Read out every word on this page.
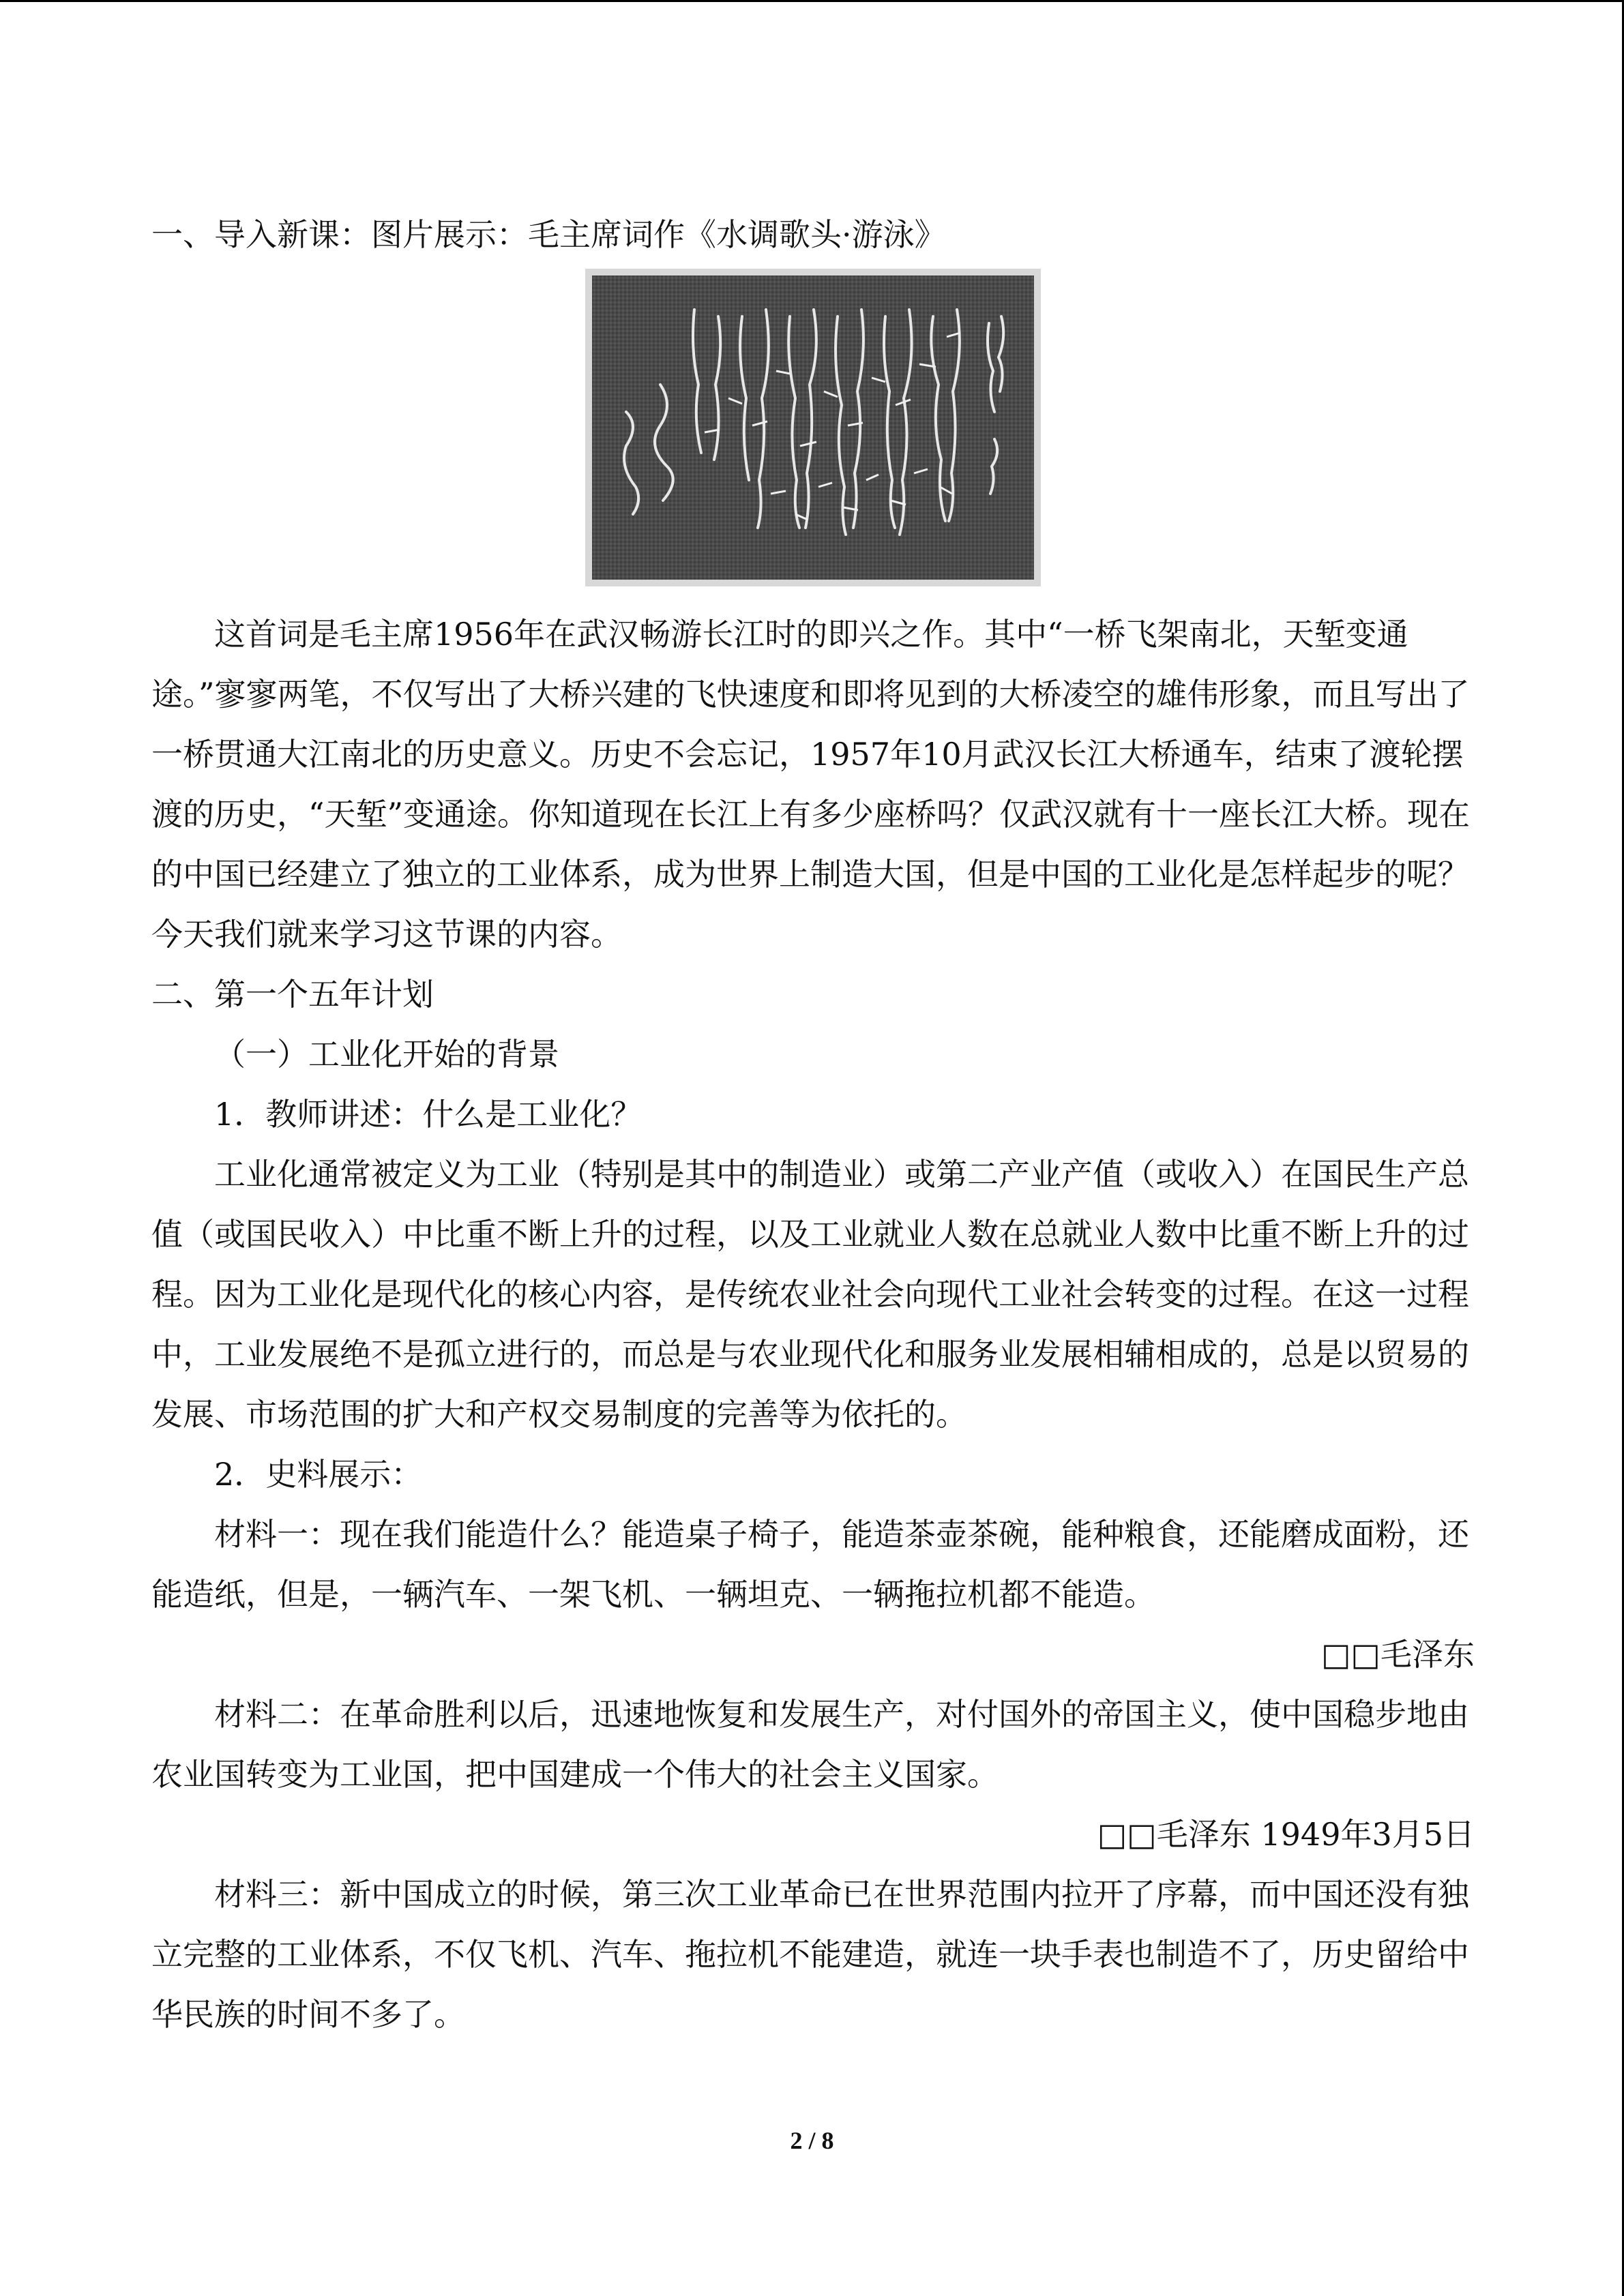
一、导入新课：图片展示：毛主席词作《水调歌头·游泳》

这首词是毛主席1956年在武汉畅游长江时的即兴之作。其中“一桥飞架南北，天堑变通途。”寥寥两笔，不仅写出了大桥兴建的飞快速度和即将见到的大桥凌空的雄伟形象，而且写出了一桥贯通大江南北的历史意义。历史不会忘记，1957年10月武汉长江大桥通车，结束了渡轮摆渡的历史，“天堑”变通途。你知道现在长江上有多少座桥吗？仅武汉就有十一座长江大桥。现在的中国已经建立了独立的工业体系，成为世界上制造大国，但是中国的工业化是怎样起步的呢？今天我们就来学习这节课的内容。

二、第一个五年计划

（一）工业化开始的背景

1．教师讲述：什么是工业化？

工业化通常被定义为工业（特别是其中的制造业）或第二产业产值（或收入）在国民生产总值（或国民收入）中比重不断上升的过程，以及工业就业人数在总就业人数中比重不断上升的过程。因为工业化是现代化的核心内容，是传统农业社会向现代工业社会转变的过程。在这一过程中，工业发展绝不是孤立进行的，而总是与农业现代化和服务业发展相辅相成的，总是以贸易的发展、市场范围的扩大和产权交易制度的完善等为依托的。

2．史料展示：

材料一：现在我们能造什么？能造桌子椅子，能造茶壶茶碗，能种粮食，还能磨成面粉，还能造纸，但是，一辆汽车、一架飞机、一辆坦克、一辆拖拉机都不能造。

□□毛泽东

材料二：在革命胜利以后，迅速地恢复和发展生产，对付国外的帝国主义，使中国稳步地由农业国转变为工业国，把中国建成一个伟大的社会主义国家。

□□毛泽东 1949年3月5日

材料三：新中国成立的时候，第三次工业革命已在世界范围内拉开了序幕，而中国还没有独立完整的工业体系，不仅飞机、汽车、拖拉机不能建造，就连一块手表也制造不了，历史留给中华民族的时间不多了。

2 / 8
